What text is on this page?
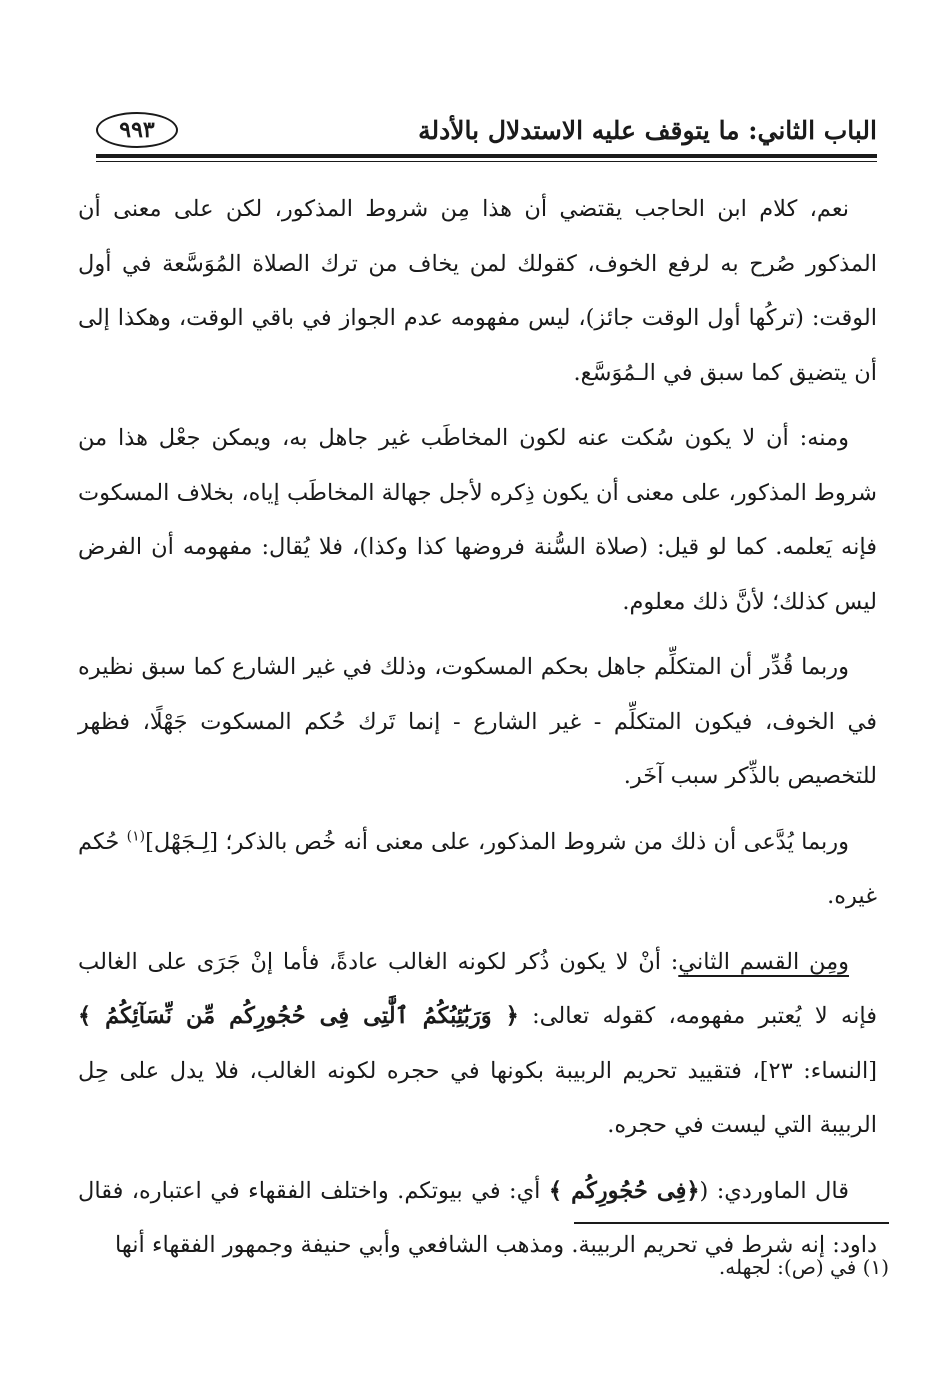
الباب الثاني: ما يتوقف عليه الاستدلال بالأدلة
٩٩٣

نعم، كلام ابن الحاجب يقتضي أن هذا مِن شروط المذكور، لكن على معنى أن المذكور صُرح به لرفع الخوف، كقولك لمن يخاف من ترك الصلاة المُوَسَّعة في أول الوقت: (تركُها أول الوقت جائز)، ليس مفهومه عدم الجواز في باقي الوقت، وهكذا إلى أن يتضيق كما سبق في الـمُوَسَّع.

ومنه: أن لا يكون سُكت عنه لكون المخاطَب غير جاهل به، ويمكن جعْل هذا من شروط المذكور، على معنى أن يكون ذِكره لأجل جهالة المخاطَب إياه، بخلاف المسكوت فإنه يَعلمه. كما لو قيل: (صلاة السُّنة فروضها كذا وكذا)، فلا يُقال: مفهومه أن الفرض ليس كذلك؛ لأنَّ ذلك معلوم.

وربما قُدِّر أن المتكلِّم جاهل بحكم المسكوت، وذلك في غير الشارع كما سبق نظيره في الخوف، فيكون المتكلِّم - غير الشارع - إنما تَرك حُكم المسكوت جَهْلًا، فظهر للتخصيص بالذِّكر سبب آخَر.

وربما يُدَّعى أن ذلك من شروط المذكور، على معنى أنه خُص بالذكر؛ [لِـجَهْل]$^{(١)}$ حُكم غيره.

ومِن القسم الثاني: أنْ لا يكون ذُكر لكونه الغالب عادةً، فأما إنْ جَرَى على الغالب فإنه لا يُعتبر مفهومه، كقوله تعالى: ﴿ وَرَبَٰٓئِبُكُمُ ٱلَّٰتِى فِى حُجُورِكُم مِّن نِّسَآئِكُمُ ﴾ [النساء: ٢٣]، فتقييد تحريم الربيبة بكونها في حجره لكونه الغالب، فلا يدل على حِل الربيبة التي ليست في حجره.

قال الماوردي: (﴿فِى حُجُورِكُم ﴾ أي: في بيوتكم. واختلف الفقهاء في اعتباره، فقال داود: إنه شرط في تحريم الربيبة. ومذهب الشافعي وأبي حنيفة وجمهور الفقهاء أنها

(١) في (ص): لجهله.
